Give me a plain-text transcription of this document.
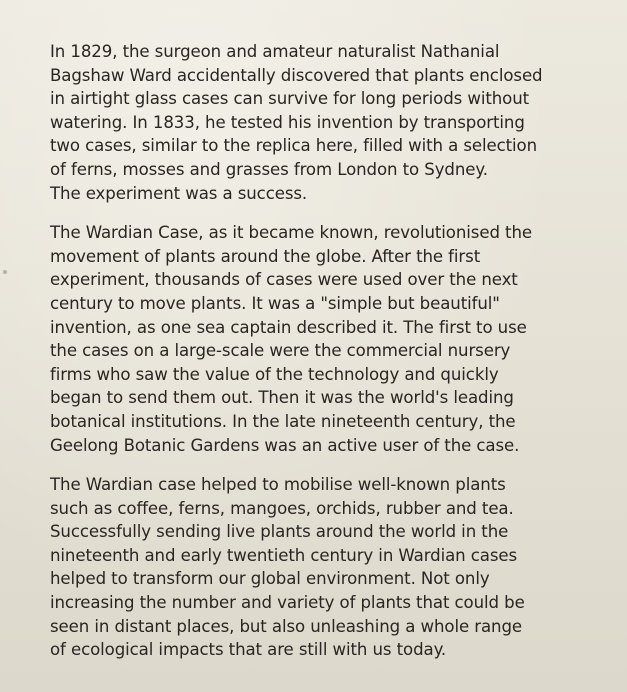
In 1829, the surgeon and amateur naturalist Nathanial
Bagshaw Ward accidentally discovered that plants enclosed
in airtight glass cases can survive for long periods without
watering. In 1833, he tested his invention by transporting
two cases, similar to the replica here, filled with a selection
of ferns, mosses and grasses from London to Sydney.
The experiment was a success.

The Wardian Case, as it became known, revolutionised the
movement of plants around the globe. After the first
experiment, thousands of cases were used over the next
century to move plants. It was a "simple but beautiful"
invention, as one sea captain described it. The first to use
the cases on a large-scale were the commercial nursery
firms who saw the value of the technology and quickly
began to send them out. Then it was the world's leading
botanical institutions. In the late nineteenth century, the
Geelong Botanic Gardens was an active user of the case.

The Wardian case helped to mobilise well-known plants
such as coffee, ferns, mangoes, orchids, rubber and tea.
Successfully sending live plants around the world in the
nineteenth and early twentieth century in Wardian cases
helped to transform our global environment. Not only
increasing the number and variety of plants that could be
seen in distant places, but also unleashing a whole range
of ecological impacts that are still with us today.
